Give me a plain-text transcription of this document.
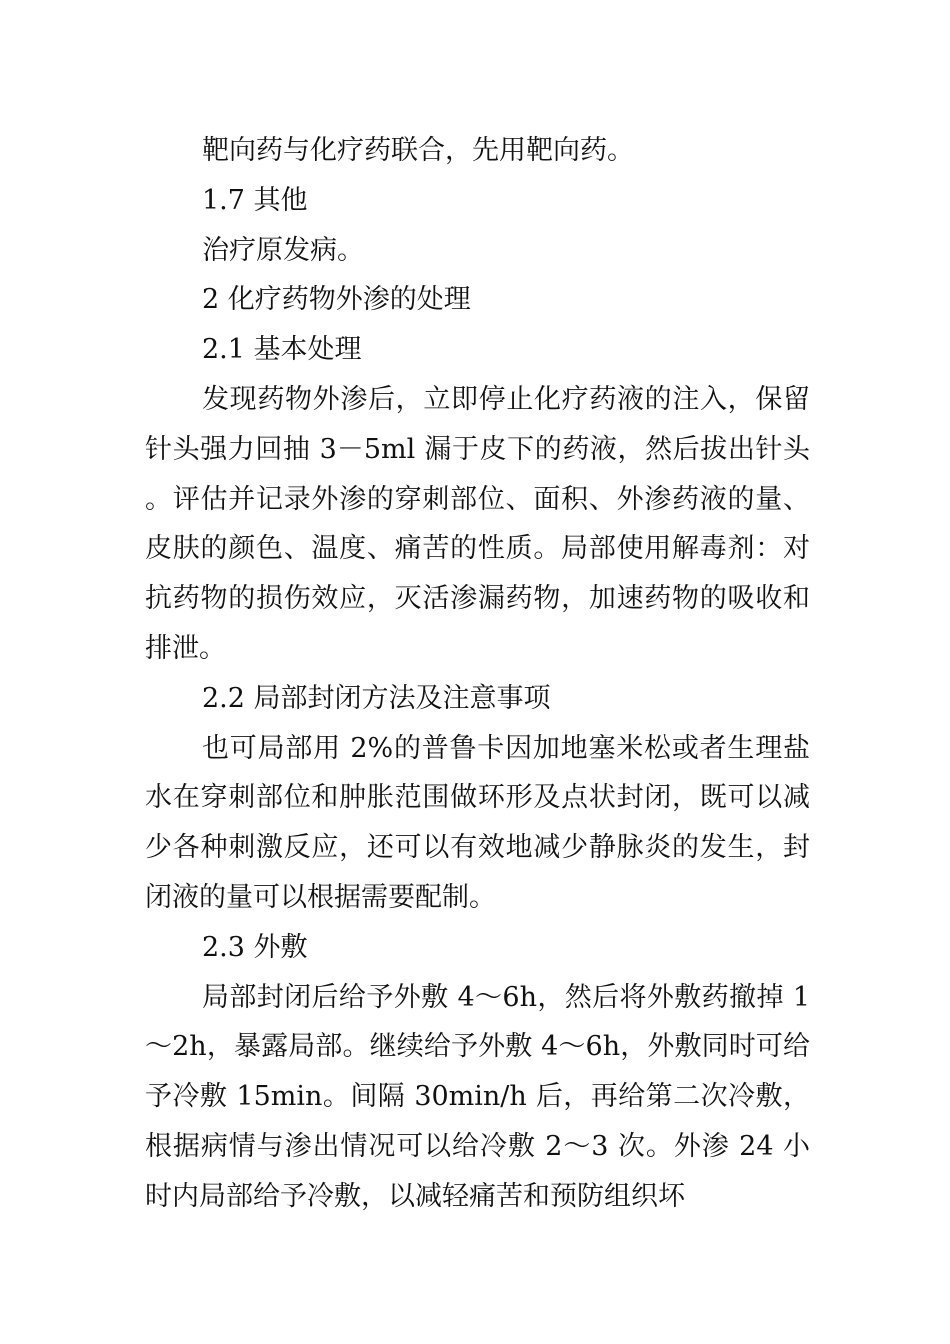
靶向药与化疗药联合，先用靶向药。

1.7 其他

治疗原发病。

2 化疗药物外渗的处理

2.1 基本处理

发现药物外渗后，立即停止化疗药液的注入，保留针头强力回抽 3－5ml 漏于皮下的药液，然后拔出针头。评估并记录外渗的穿刺部位、面积、外渗药液的量、皮肤的颜色、温度、痛苦的性质。局部使用解毒剂：对抗药物的损伤效应，灭活渗漏药物，加速药物的吸收和排泄。

2.2 局部封闭方法及注意事项

也可局部用 2%的普鲁卡因加地塞米松或者生理盐水在穿刺部位和肿胀范围做环形及点状封闭，既可以减少各种刺激反应，还可以有效地减少静脉炎的发生，封闭液的量可以根据需要配制。

2.3 外敷

局部封闭后给予外敷 4～6h，然后将外敷药撤掉 1～2h，暴露局部。继续给予外敷 4～6h，外敷同时可给予冷敷 15min。间隔 30min/h 后，再给第二次冷敷，根据病情与渗出情况可以给冷敷 2～3 次。外渗 24 小时内局部给予冷敷，以减轻痛苦和预防组织坏
